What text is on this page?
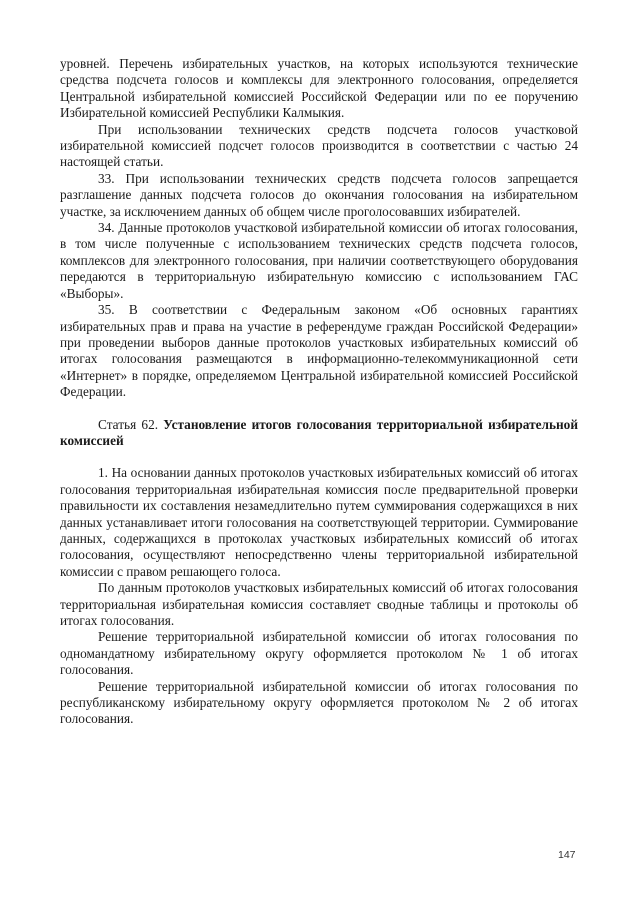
уровней. Перечень избирательных участков, на которых используются технические средства подсчета голосов и комплексы для электронного голосования, определяется Центральной избирательной комиссией Российской Федерации или по ее поручению Избирательной комиссией Республики Калмыкия.

При использовании технических средств подсчета голосов участковой избирательной комиссией подсчет голосов производится в соответствии с частью 24 настоящей статьи.

33. При использовании технических средств подсчета голосов запрещается разглашение данных подсчета голосов до окончания голосования на избирательном участке, за исключением данных об общем числе проголосовавших избирателей.

34. Данные протоколов участковой избирательной комиссии об итогах голосования, в том числе полученные с использованием технических средств подсчета голосов, комплексов для электронного голосования, при наличии соответствующего оборудования передаются в территориальную избирательную комиссию с использованием ГАС «Выборы».

35. В соответствии с Федеральным законом «Об основных гарантиях избирательных прав и права на участие в референдуме граждан Российской Федерации» при проведении выборов данные протоколов участковых избирательных комиссий об итогах голосования размещаются в информационно-телекоммуникационной сети «Интернет» в порядке, определяемом Центральной избирательной комиссией Российской Федерации.

Статья 62. Установление итогов голосования территориальной избирательной комиссией

1. На основании данных протоколов участковых избирательных комиссий об итогах голосования территориальная избирательная комиссия после предварительной проверки правильности их составления незамедлительно путем суммирования содержащихся в них данных устанавливает итоги голосования на соответствующей территории. Суммирование данных, содержащихся в протоколах участковых избирательных комиссий об итогах голосования, осуществляют непосредственно члены территориальной избирательной комиссии с правом решающего голоса.

По данным протоколов участковых избирательных комиссий об итогах голосования территориальная избирательная комиссия составляет сводные таблицы и протоколы об итогах голосования.

Решение территориальной избирательной комиссии об итогах голосования по одномандатному избирательному округу оформляется протоколом № 1 об итогах голосования.

Решение территориальной избирательной комиссии об итогах голосования по республиканскому избирательному округу оформляется протоколом № 2 об итогах голосования.

147
